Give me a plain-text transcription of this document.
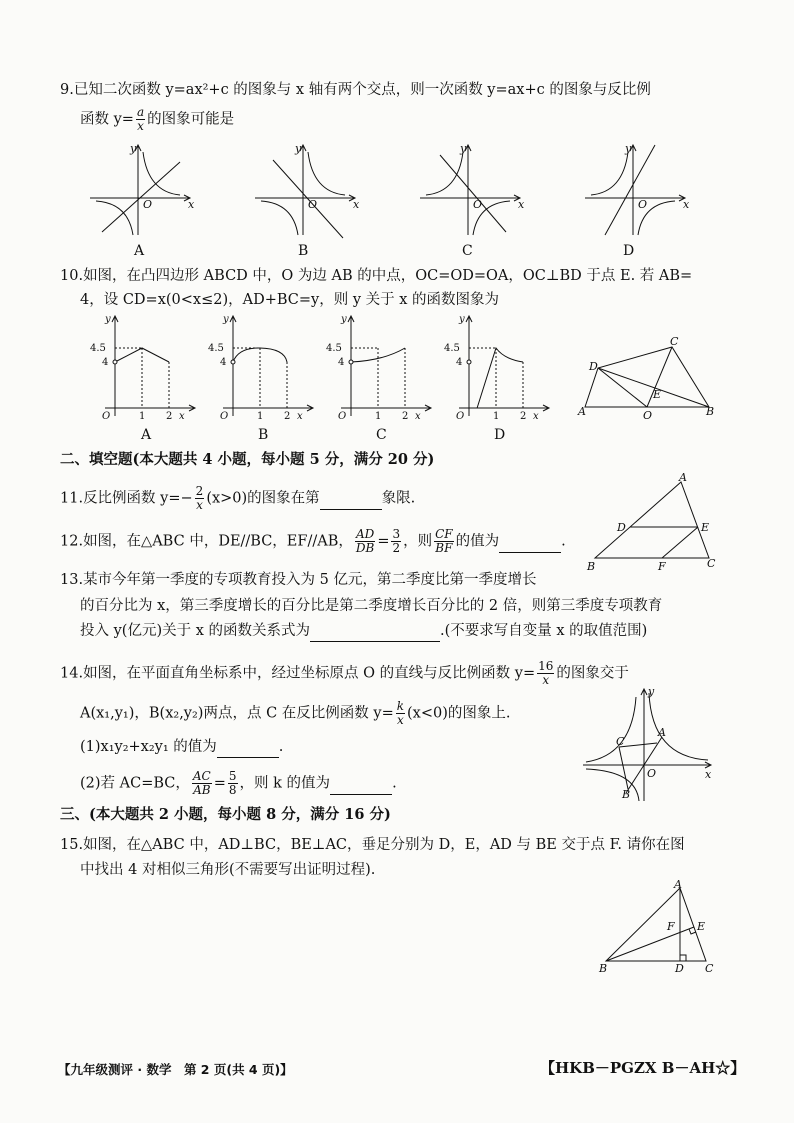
9.已知二次函数 y=ax²+c 的图象与 x 轴有两个交点，则一次函数 y=ax+c 的图象与反比例
函数 $y= \frac{a}{x}$ 的图象可能是
y
x
O
y
x
O
y
x
O
y
x
O
A	B	C	D
10.如图，在凸四边形 ABCD 中，O 为边 AB 的中点，OC=OD=OA，OC⊥BD 于点 E. 若 AB=
4，设 CD=x(0<x≤2)，AD+BC=y，则 y 关于 x 的函数图象为
4.5
4
O	1 2 x
y
4.5
4
O	1 2 x
y
4.5
4
O	1 2 x
y
4.5
4
O	1 2 x
y
A	B
C
D
E
O
A	B	C	D
二、填空题(本大题共 4 小题，每小题 5 分，满分 20 分)
11.反比例函数 $y=- \frac{2}{x} (x>0)$的图象在第	象限.
12.如图，在△ABC 中，DE//BC，EF//AB， $\frac{AD}{DB} = \frac{3}{2}$ ，则 $\frac{CF}{BF}$ 的值为	.
A
B	C
D	E
F
13.某市今年第一季度的专项教育投入为 5 亿元，第二季度比第一季度增长
的百分比为 x，第三季度增长的百分比是第二季度增长百分比的 2 倍，则第三季度专项教育
投入 y(亿元)关于 x 的函数关系式为	.(不要求写自变量 x 的取值范围)
14.如图，在平面直角坐标系中，经过坐标原点 O 的直线与反比例函数 $y= \frac{16}{x}$ 的图象交于
A(x₁,y₁)，B(x₂,y₂)两点，点 C 在反比例函数 $y= \frac{k}{x} (x<0)$的图象上.
(1)x₁y₂+x₂y₁ 的值为	.
(2)若 AC=BC， $\frac{AC}{AB} = \frac{5}{8}$ ，则 k 的值为	.
A
B
C
O	x
y
三、(本大题共 2 小题，每小题 8 分，满分 16 分)
15.如图，在△ABC 中，AD⊥BC，BE⊥AC，垂足分别为 D，E，AD 与 BE 交于点 F. 请你在图
中找出 4 对相似三角形(不需要写出证明过程).
A
B	C
D
E
F
【九年级测评 · 数学　第 2 页(共 4 页)】	【HKB－PGZX B－AH☆】
